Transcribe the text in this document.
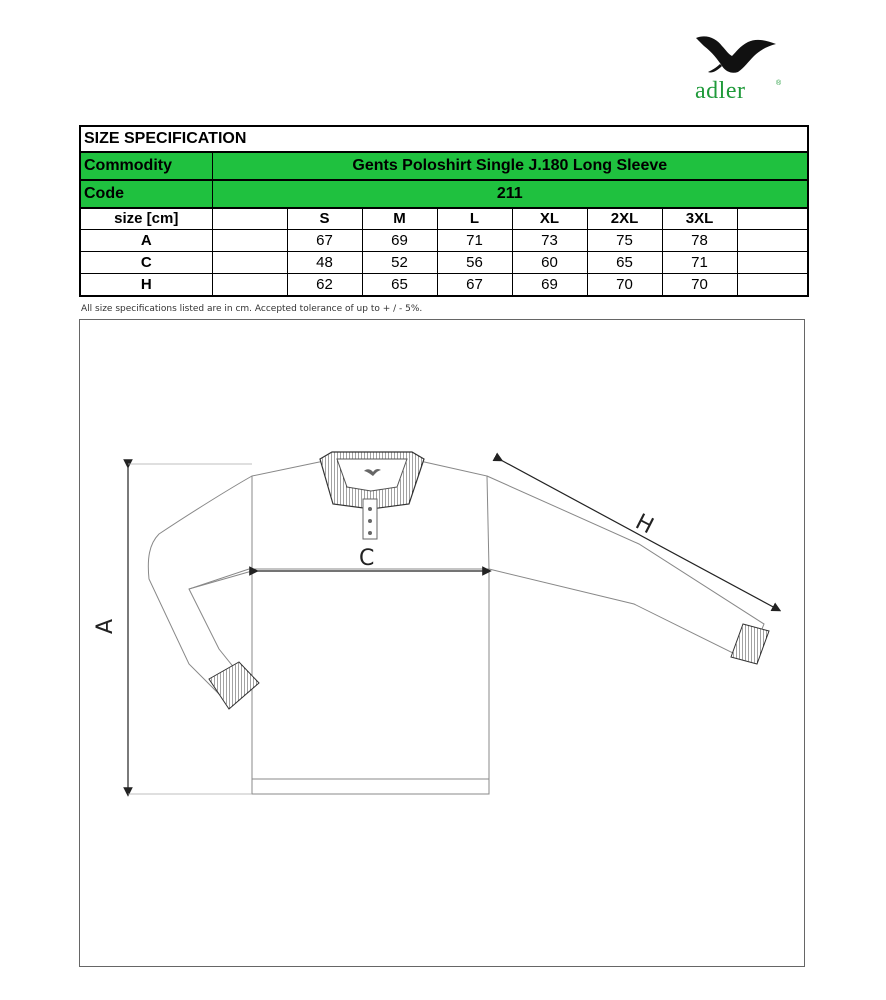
adler	®
SIZE SPECIFICATION								
Commodity	Gents Poloshirt Single J.180 Long Sleeve							
Code	211							
size [cm]		S	M	L	XL	2XL	3XL	
A		67	69	71	73	75	78	
C		48	52	56	60	65	71	
H		62	65	67	69	70	70	
All size specifications listed are in cm. Accepted tolerance of up to + / - 5%.
A
C
H
